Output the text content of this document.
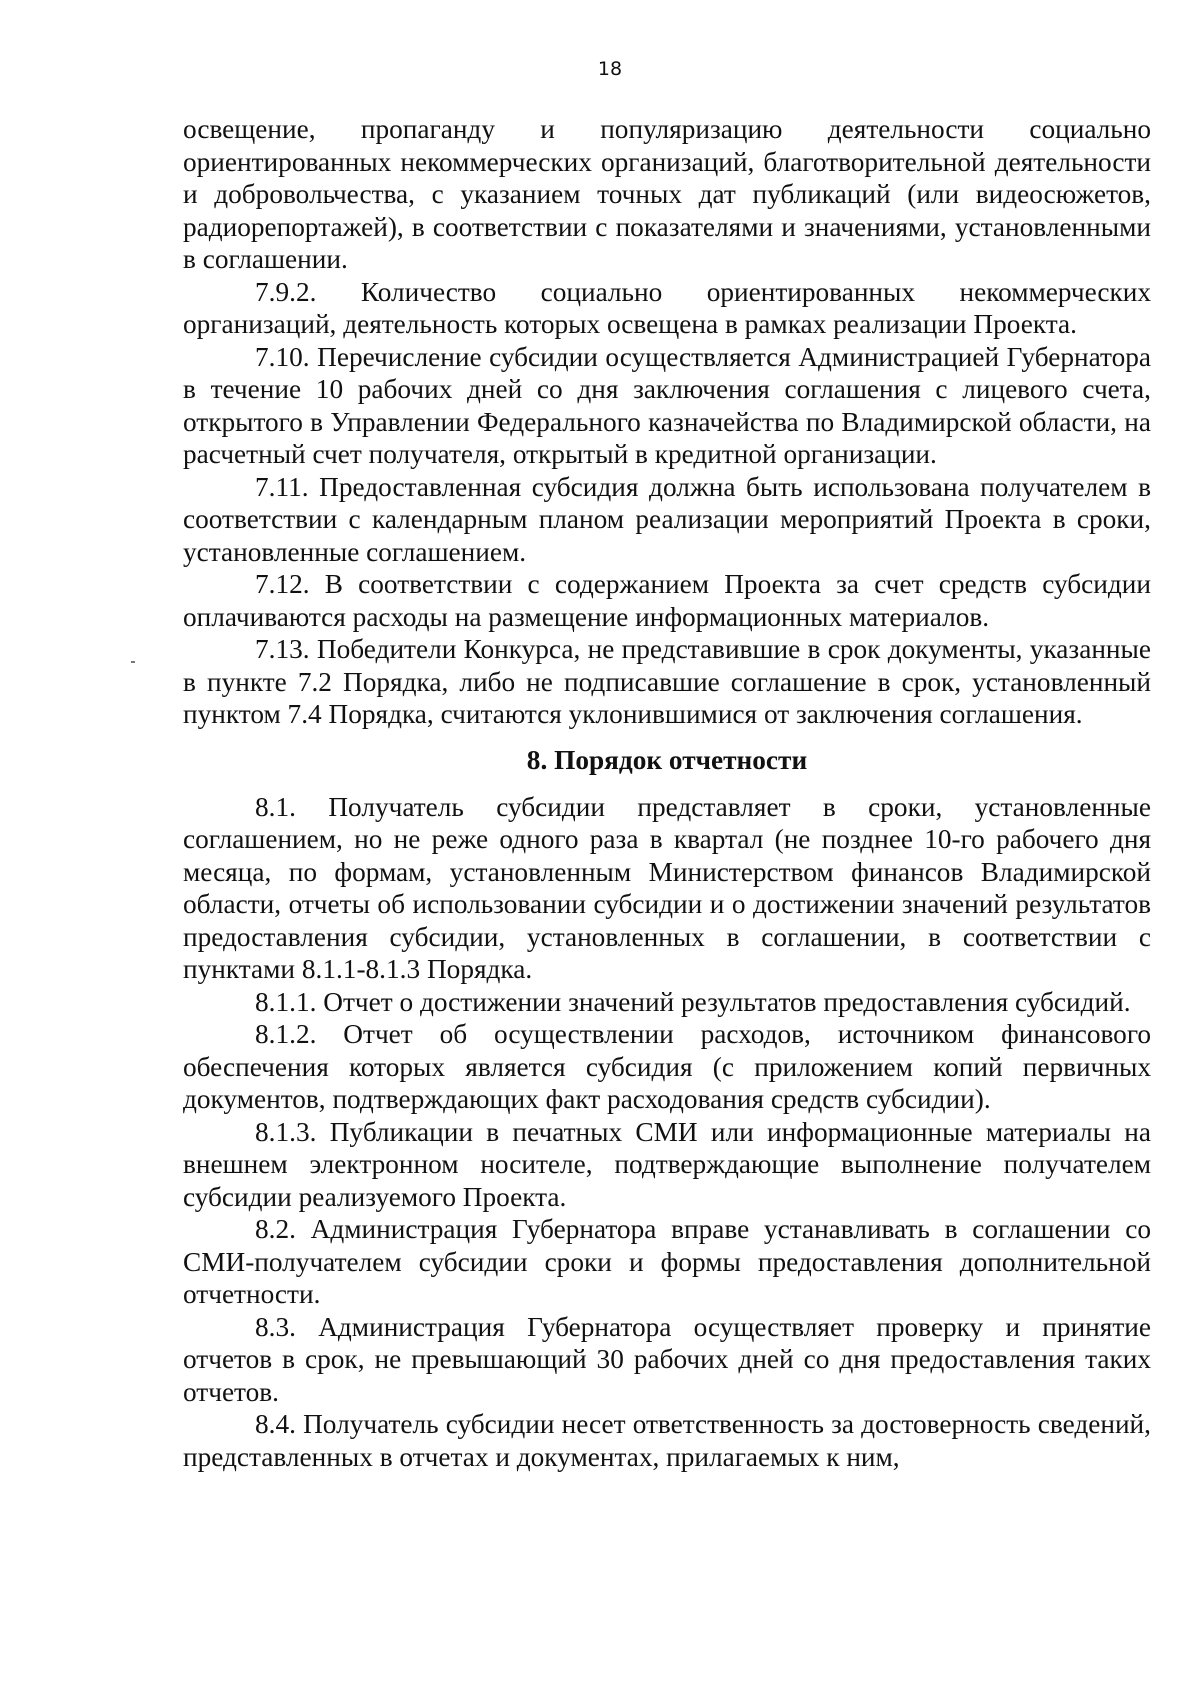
18

освещение, пропаганду и популяризацию деятельности социально ориентированных некоммерческих организаций, благотворительной деятельности и добровольчества, с указанием точных дат публикаций (или видеосюжетов, радиорепортажей), в соответствии с показателями и значениями, установленными в соглашении.

7.9.2. Количество социально ориентированных некоммерческих организаций, деятельность которых освещена в рамках реализации Проекта.

7.10. Перечисление субсидии осуществляется Администрацией Губернатора в течение 10 рабочих дней со дня заключения соглашения с лицевого счета, открытого в Управлении Федерального казначейства по Владимирской области, на расчетный счет получателя, открытый в кредитной организации.

7.11. Предоставленная субсидия должна быть использована получателем в соответствии с календарным планом реализации мероприятий Проекта в сроки, установленные соглашением.

7.12. В соответствии с содержанием Проекта за счет средств субсидии оплачиваются расходы на размещение информационных материалов.

7.13. Победители Конкурса, не представившие в срок документы, указанные в пункте 7.2 Порядка, либо не подписавшие соглашение в срок, установленный пунктом 7.4 Порядка, считаются уклонившимися от заключения соглашения.

8. Порядок отчетности

8.1. Получатель субсидии представляет в сроки, установленные соглашением, но не реже одного раза в квартал (не позднее 10-го рабочего дня месяца, по формам, установленным Министерством финансов Владимирской области, отчеты об использовании субсидии и о достижении значений результатов предоставления субсидии, установленных в соглашении, в соответствии с пунктами 8.1.1-8.1.3 Порядка.

8.1.1. Отчет о достижении значений результатов предоставления субсидий.

8.1.2. Отчет об осуществлении расходов, источником финансового обеспечения которых является субсидия (с приложением копий первичных документов, подтверждающих факт расходования средств субсидии).

8.1.3. Публикации в печатных СМИ или информационные материалы на внешнем электронном носителе, подтверждающие выполнение получателем субсидии реализуемого Проекта.

8.2. Администрация Губернатора вправе устанавливать в соглашении со СМИ-получателем субсидии сроки и формы предоставления дополнительной отчетности.

8.3. Администрация Губернатора осуществляет проверку и принятие отчетов в срок, не превышающий 30 рабочих дней со дня предоставления таких отчетов.

8.4. Получатель субсидии несет ответственность за достоверность сведений, представленных в отчетах и документах, прилагаемых к ним,
